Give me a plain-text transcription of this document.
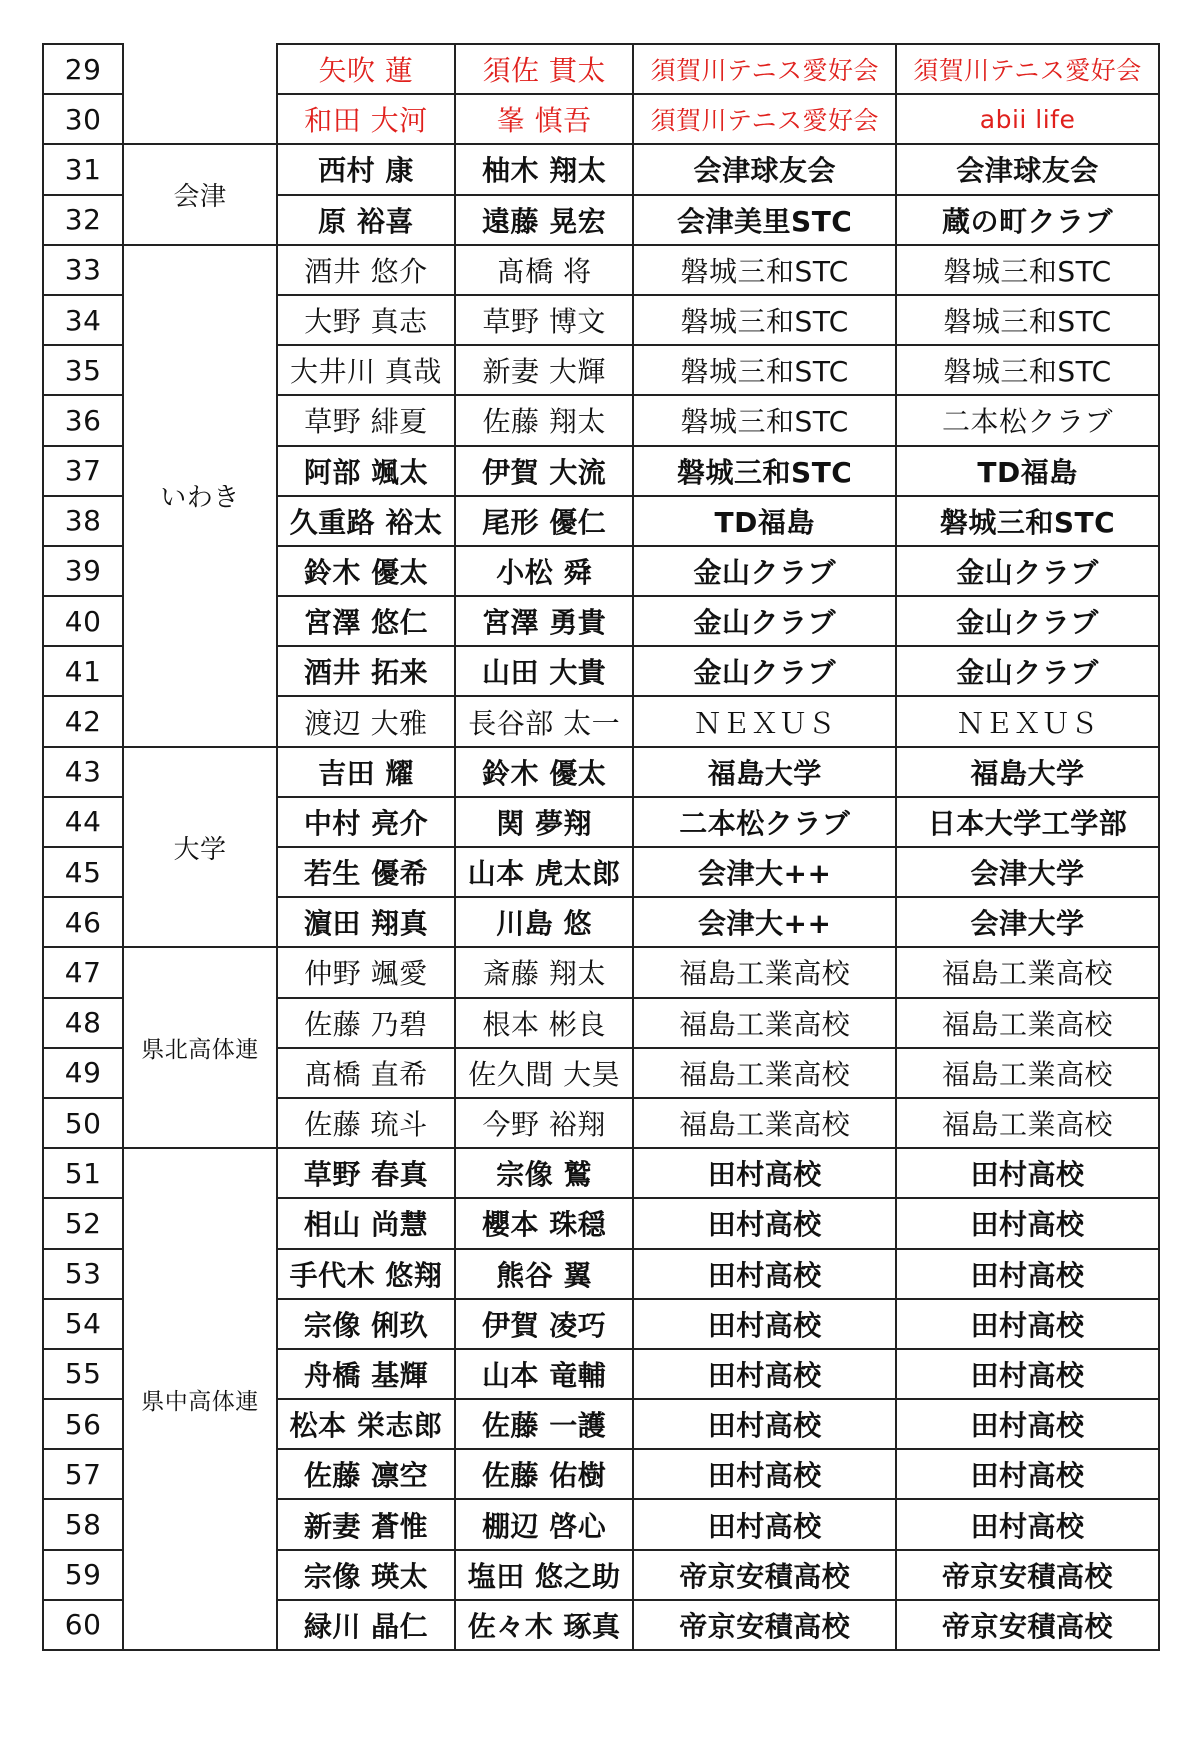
29		矢吹 蓮	須佐 貫太	須賀川テニス愛好会	須賀川テニス愛好会
30		和田 大河	峯 慎吾	須賀川テニス愛好会	abii life
31	会津	西村 康	柚木 翔太	会津球友会	会津球友会
32		原 裕喜	遠藤 晃宏	会津美里STC	蔵の町クラブ
33	いわき	酒井 悠介	髙橋 将	磐城三和STC	磐城三和STC
34		大野 真志	草野 博文	磐城三和STC	磐城三和STC
35		大井川 真哉	新妻 大輝	磐城三和STC	磐城三和STC
36		草野 緋夏	佐藤 翔太	磐城三和STC	二本松クラブ
37		阿部 颯太	伊賀 大流	磐城三和STC	TD福島
38		久重路 裕太	尾形 優仁	TD福島	磐城三和STC
39		鈴木 優太	小松 舜	金山クラブ	金山クラブ
40		宮澤 悠仁	宮澤 勇貴	金山クラブ	金山クラブ
41		酒井 拓来	山田 大貴	金山クラブ	金山クラブ
42		渡辺 大雅	長谷部 太一	ＮＥＸＵＳ	ＮＥＸＵＳ
43	大学	吉田 耀	鈴木 優太	福島大学	福島大学
44		中村 亮介	関 夢翔	二本松クラブ	日本大学工学部
45		若生 優希	山本 虎太郎	会津大++	会津大学
46		濵田 翔真	川島 悠	会津大++	会津大学
47	県北高体連	仲野 颯愛	斎藤 翔太	福島工業高校	福島工業高校
48		佐藤 乃碧	根本 彬良	福島工業高校	福島工業高校
49		髙橋 直希	佐久間 大昊	福島工業高校	福島工業高校
50		佐藤 琉斗	今野 裕翔	福島工業高校	福島工業高校
51	県中高体連	草野 春真	宗像 鷲	田村高校	田村高校
52		相山 尚慧	櫻本 珠穏	田村高校	田村高校
53		手代木 悠翔	熊谷 翼	田村高校	田村高校
54		宗像 俐玖	伊賀 凌巧	田村高校	田村高校
55		舟橋 基輝	山本 竜輔	田村高校	田村高校
56		松本 栄志郎	佐藤 一護	田村高校	田村高校
57		佐藤 凛空	佐藤 佑樹	田村高校	田村高校
58		新妻 蒼惟	棚辺 啓心	田村高校	田村高校
59		宗像 瑛太	塩田 悠之助	帝京安積高校	帝京安積高校
60		緑川 晶仁	佐々木 琢真	帝京安積高校	帝京安積高校
